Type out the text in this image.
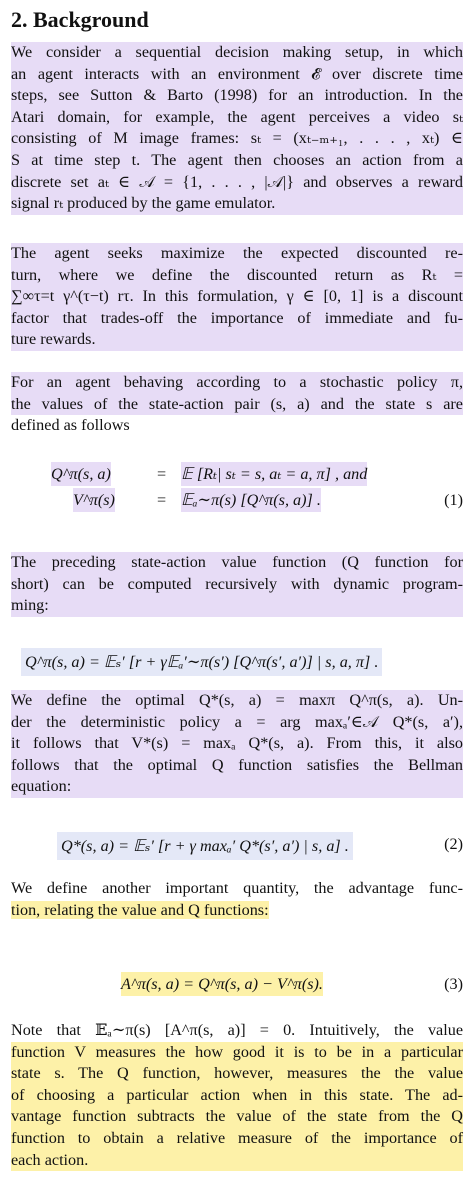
2. Background
We consider a sequential decision making setup, in which
an agent interacts with an environment 𝓔 over discrete time
steps, see Sutton & Barto (1998) for an introduction. In the
Atari domain, for example, the agent perceives a video sₜ
consisting of M image frames: sₜ = (xₜ₋ₘ₊₁, . . . , xₜ) ∈
S at time step t. The agent then chooses an action from a
discrete set aₜ ∈ 𝒜 = {1, . . . , |𝒜|} and observes a reward
signal rₜ produced by the game emulator.
The agent seeks maximize the expected discounted re-
turn, where we define the discounted return as Rₜ =
∑∞τ=t γ^(τ−t) rτ. In this formulation, γ ∈ [0, 1] is a discount
factor that trades-off the importance of immediate and fu-
ture rewards.
For an agent behaving according to a stochastic policy π,
the values of the state-action pair (s, a) and the state s are
defined as follows
Q^π(s, a)	= 𝔼 [Rₜ| sₜ = s, aₜ = a, π] , and
V^π(s)	= 𝔼ₐ∼π(s) [Q^π(s, a)] .	(1)
The preceding state-action value function (Q function for
short) can be computed recursively with dynamic program-
ming:
Q^π(s, a) = 𝔼ₛ′ [r + γ𝔼ₐ′∼π(s′) [Q^π(s′, a′)] | s, a, π] .
We define the optimal Q*(s, a) = maxπ Q^π(s, a). Un-
der the deterministic policy a = arg maxₐ′∈𝒜 Q*(s, a′),
it follows that V*(s) = maxₐ Q*(s, a). From this, it also
follows that the optimal Q function satisfies the Bellman
equation:
Q*(s, a) = 𝔼ₛ′ [r + γ maxₐ′ Q*(s′, a′) | s, a] .	(2)
We define another important quantity, the advantage func-
tion, relating the value and Q functions:
A^π(s, a) = Q^π(s, a) − V^π(s).	(3)
Note that 𝔼ₐ∼π(s) [A^π(s, a)] = 0. Intuitively, the value
function V measures the how good it is to be in a particular
state s. The Q function, however, measures the the value
of choosing a particular action when in this state. The ad-
vantage function subtracts the value of the state from the Q
function to obtain a relative measure of the importance of
each action.
